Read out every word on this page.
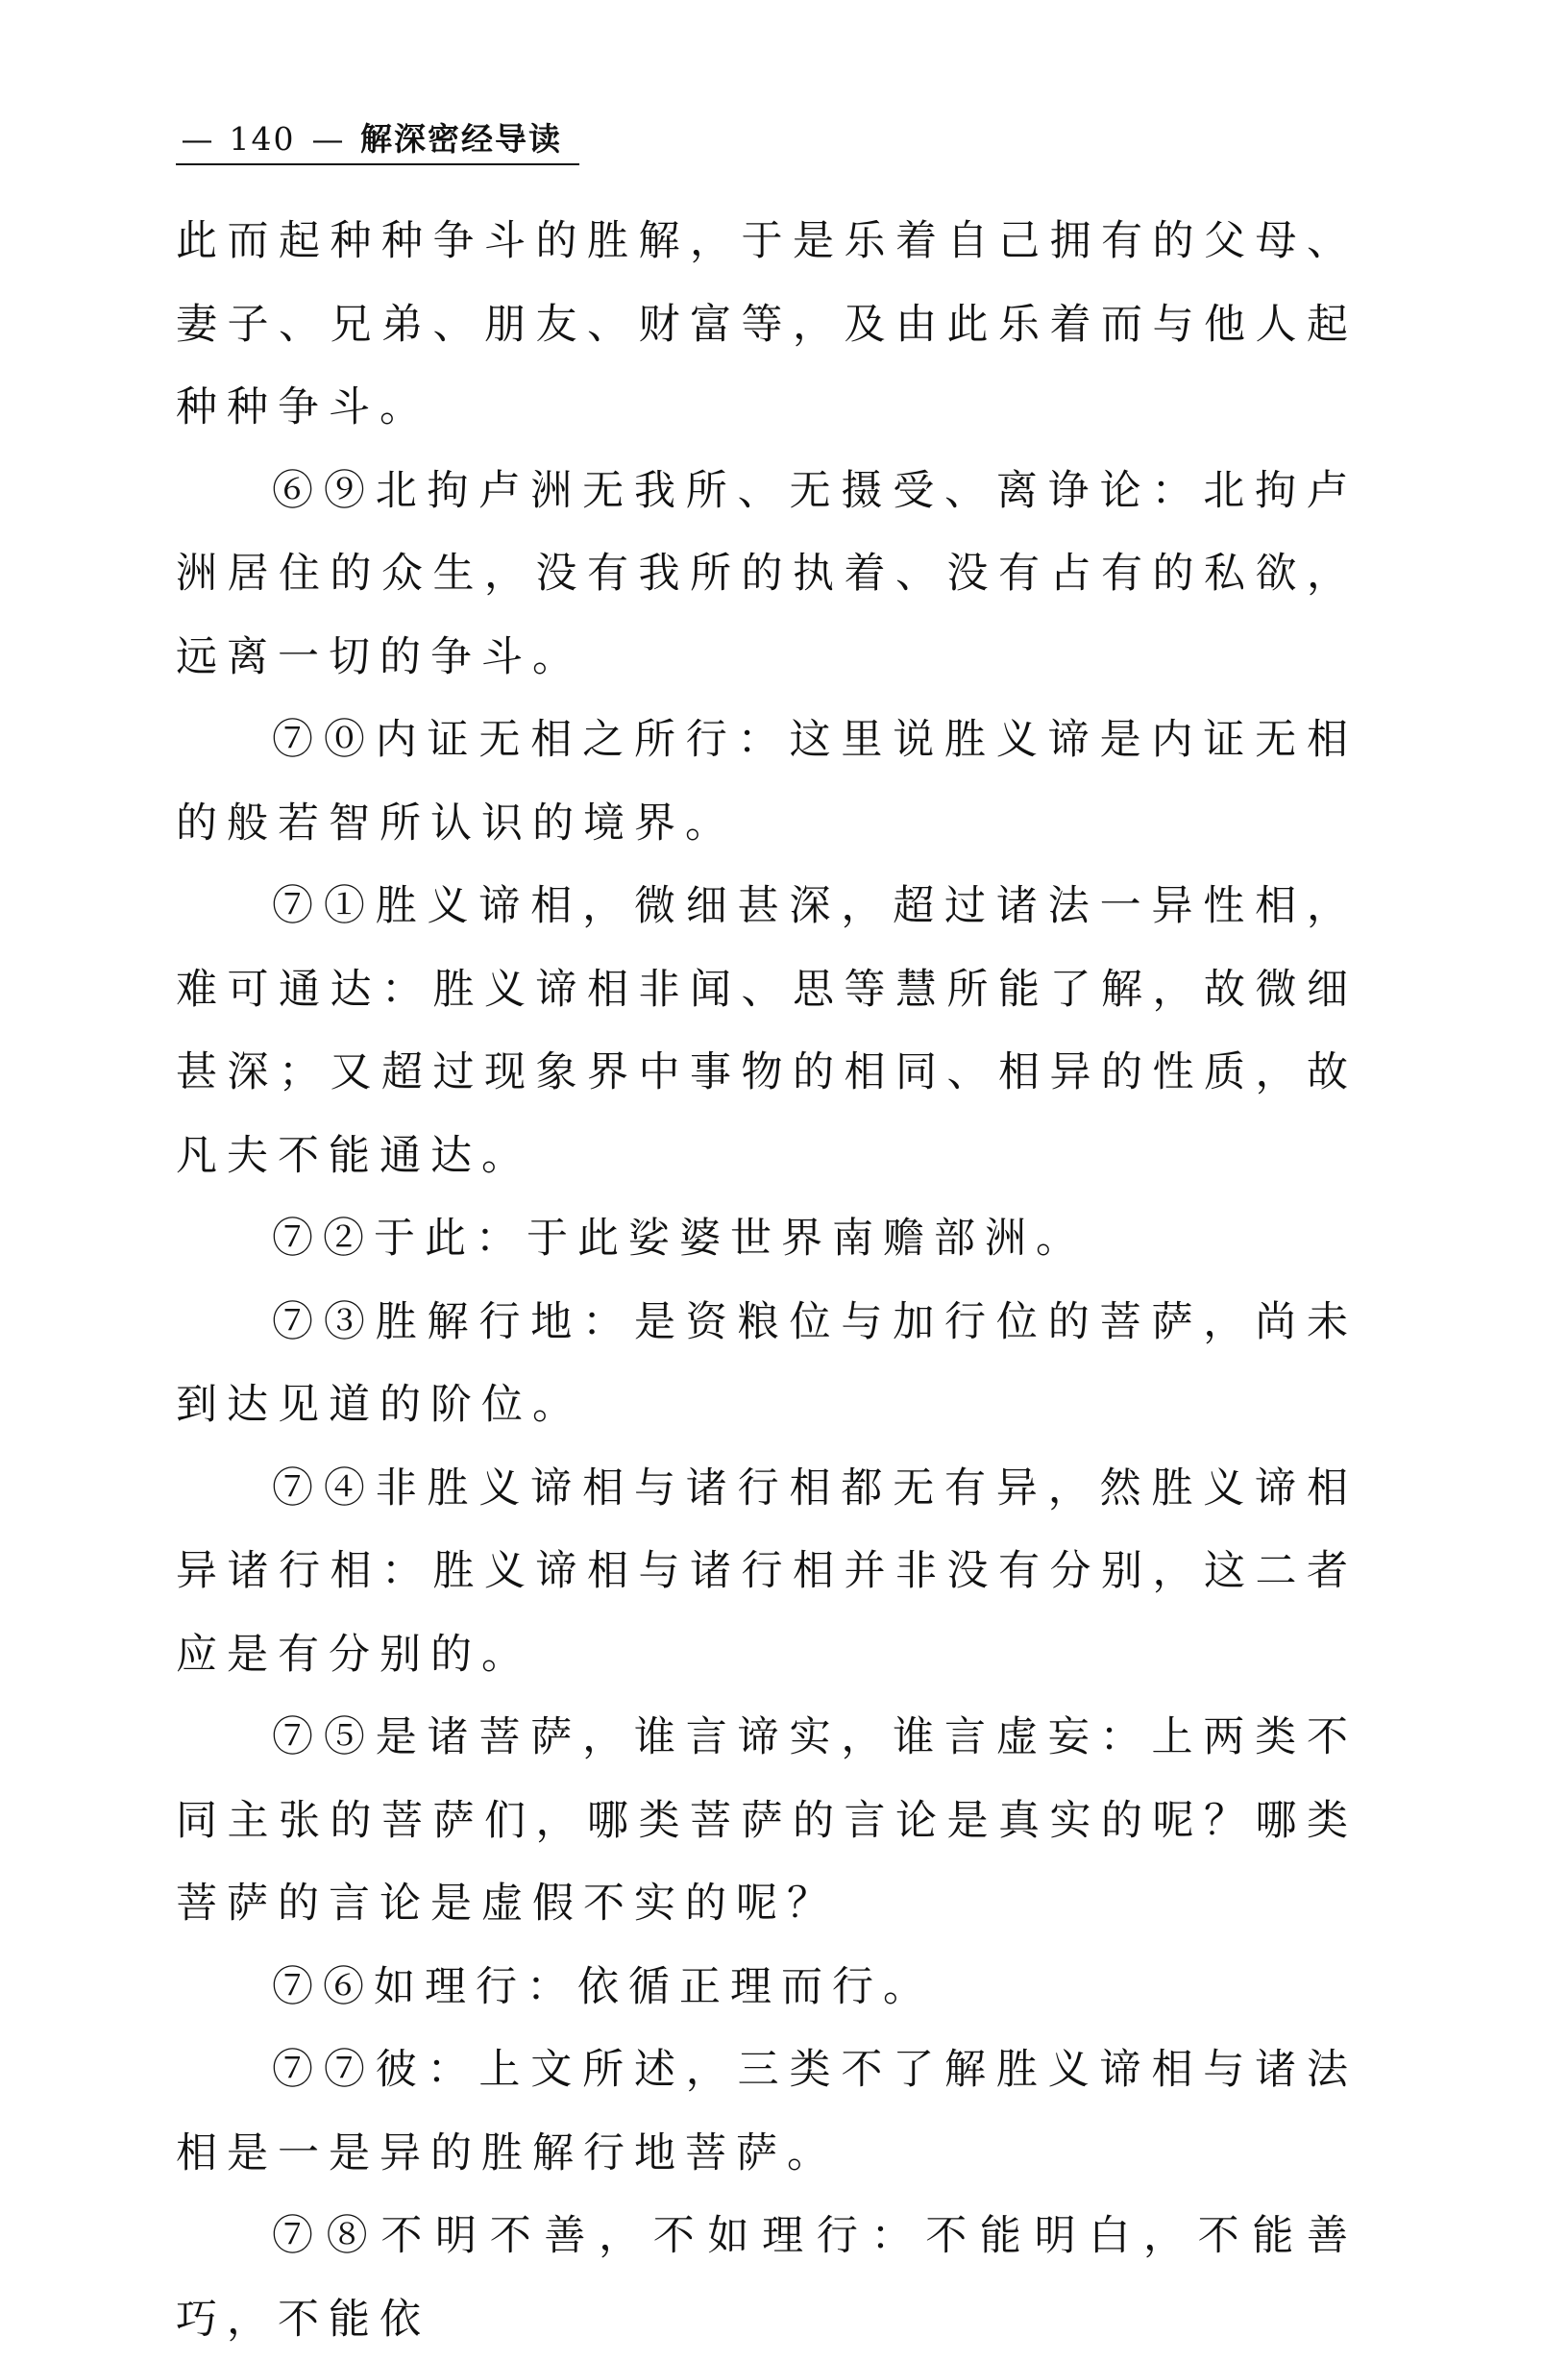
— 140 — 解深密经导读

此而起种种争斗的胜解，于是乐着自己拥有的父母、妻子、兄弟、朋友、财富等，及由此乐着而与他人起种种争斗。

⑥⑨北拘卢洲无我所、无摄受、离诤论：北拘卢洲居住的众生，没有我所的执着、没有占有的私欲，远离一切的争斗。

⑦⓪内证无相之所行：这里说胜义谛是内证无相的般若智所认识的境界。

⑦①胜义谛相，微细甚深，超过诸法一异性相，难可通达：胜义谛相非闻、思等慧所能了解，故微细甚深；又超过现象界中事物的相同、相异的性质，故凡夫不能通达。

⑦②于此：于此娑婆世界南赡部洲。

⑦③胜解行地：是资粮位与加行位的菩萨，尚未到达见道的阶位。

⑦④非胜义谛相与诸行相都无有异，然胜义谛相异诸行相：胜义谛相与诸行相并非没有分别，这二者应是有分别的。

⑦⑤是诸菩萨，谁言谛实，谁言虚妄：上两类不同主张的菩萨们，哪类菩萨的言论是真实的呢？哪类菩萨的言论是虚假不实的呢？

⑦⑥如理行：依循正理而行。

⑦⑦彼：上文所述，三类不了解胜义谛相与诸法相是一是异的胜解行地菩萨。

⑦⑧不明不善，不如理行：不能明白，不能善巧，不能依
